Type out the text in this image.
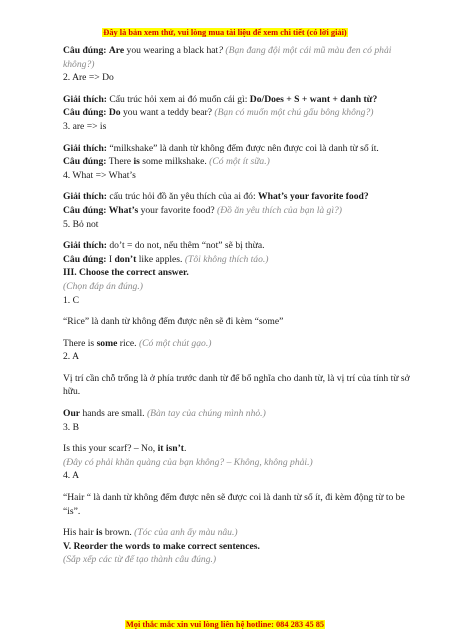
Đây là bản xem thử, vui lòng mua tài liệu để xem chi tiết (có lời giải)

Câu đúng: Are you wearing a black hat? (Bạn đang đội một cái mũ màu đen có phải không?)

2. Are => Do

Giải thích: Cấu trúc hỏi xem ai đó muốn cái gì: Do/Does + S + want + danh từ?

Câu đúng: Do you want a teddy bear? (Bạn có muốn một chú gấu bông không?)

3. are => is

Giải thích: “milkshake” là danh từ không đếm được nên được coi là danh từ số ít.

Câu đúng: There is some milkshake. (Có một ít sữa.)

4. What => What’s

Giải thích: cấu trúc hỏi đồ ăn yêu thích của ai đó: What’s your favorite food?

Câu đúng: What’s your favorite food? (Đồ ăn yêu thích của bạn là gì?)

5. Bỏ not

Giải thích: do’t = do not, nếu thêm “not” sẽ bị thừa.

Câu đúng: I don’t like apples. (Tôi không thích táo.)

III. Choose the correct answer.

(Chọn đáp án đúng.)

1. C

“Rice” là danh từ không đếm được nên sẽ đi kèm “some”

There is some rice. (Có một chút gạo.)

2. A

Vị trí cần chỗ trống là ở phía trước danh từ để bổ nghĩa cho danh từ, là vị trí của tính từ sở hữu.

Our hands are small. (Bàn tay của chúng mình nhỏ.)

3. B

Is this your scarf? – No, it isn’t.

(Đây có phải khăn quàng của bạn không? – Không, không phải.)

4. A

“Hair “ là danh từ không đếm được nên sẽ được coi là danh từ số ít, đi kèm động từ to be “is”.

His hair is brown. (Tóc của anh ấy màu nâu.)

V. Reorder the words to make correct sentences.

(Sắp xếp các từ để tạo thành câu đúng.)

Mọi thắc mắc xin vui lòng liên hệ hotline: 084 283 45 85
